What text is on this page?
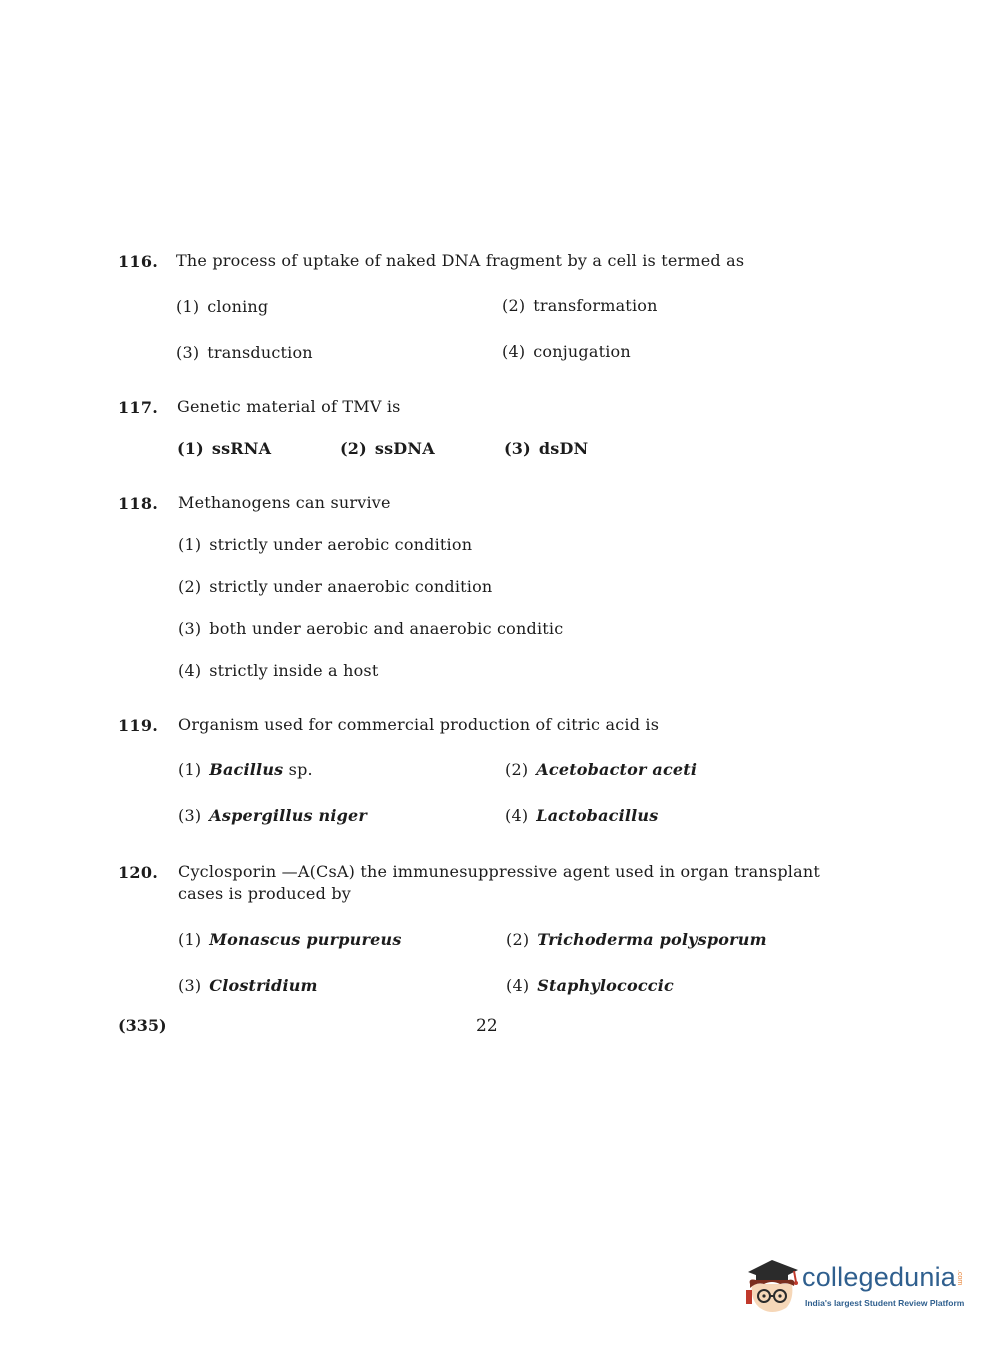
116. The process of uptake of naked DNA fragment by a cell is termed as
(1) cloning	(2) transformation
(3) transduction	(4) conjugation
117. Genetic material of TMV is
(1) ssRNA	(2) ssDNA	(3) dsDN
118. Methanogens can survive
(1) strictly under aerobic condition
(2) strictly under anaerobic condition
(3) both under aerobic and anaerobic conditic
(4) strictly inside a host
119. Organism used for commercial production of citric acid is
(1) Bacillus sp.	(2) Acetobactor aceti
(3) Aspergillus niger	(4) Lactobacillus
120. Cyclosporin —A(CsA) the immunesuppressive agent used in organ transplant cases is produced by
(1) Monascus purpureus	(2) Trichoderma polysporum
(3) Clostridium	(4) Staphylococcic
(335)	22
collegedunia .com
India's largest Student Review Platform
